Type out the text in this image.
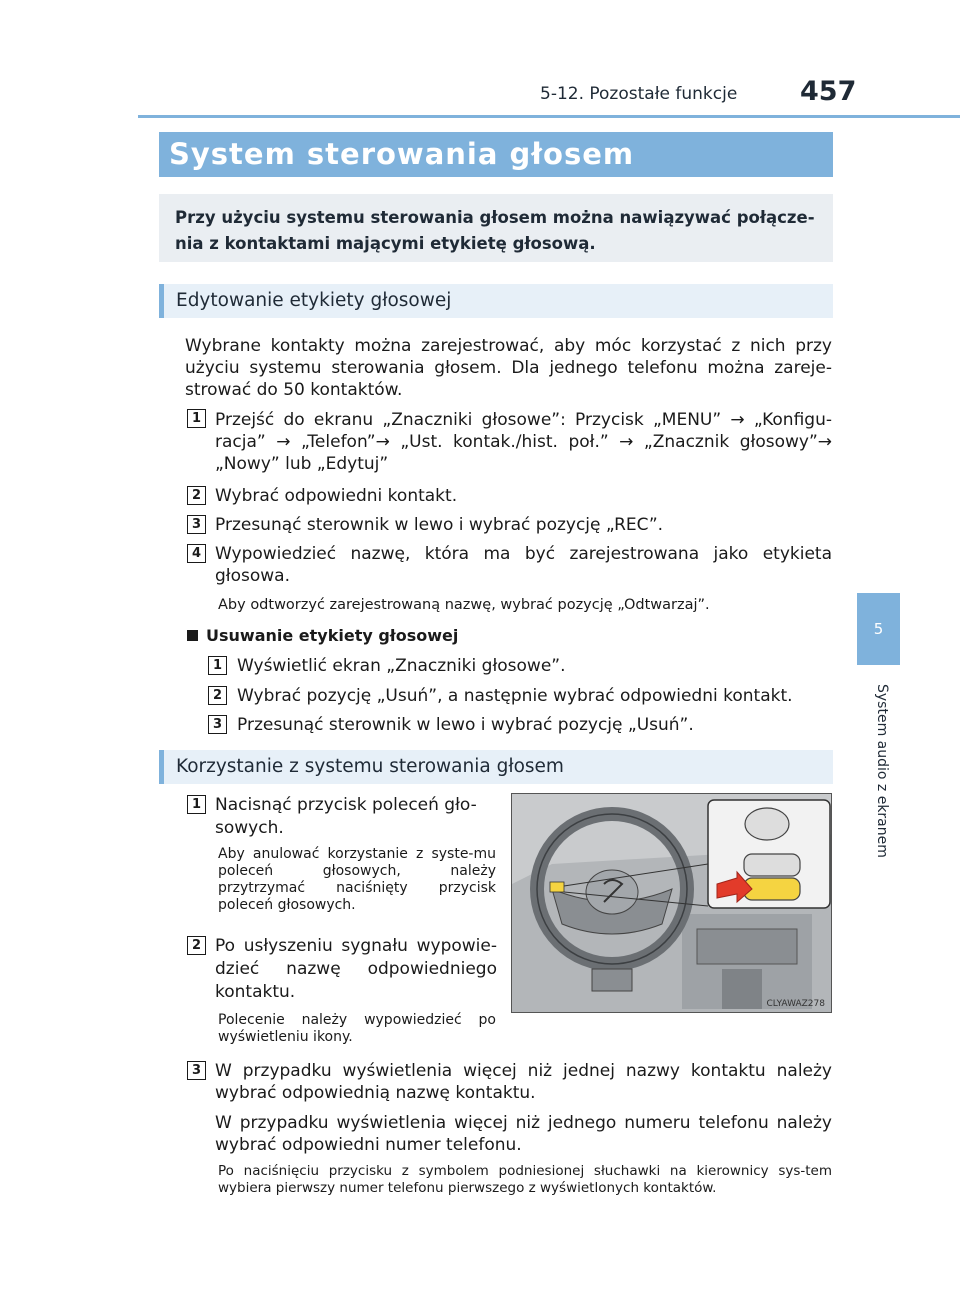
5-12. Pozostałe funkcje 457
5
System audio z ekranem
System sterowania głosem
Przy użyciu systemu sterowania głosem można nawiązywać połącze-nia z kontaktami mającymi etykietę głosową.
Edytowanie etykiety głosowej
Wybrane kontakty można zarejestrować, aby móc korzystać z nich przy użyciu systemu sterowania głosem. Dla jednego telefonu można zareje-strować do 50 kontaktów.
1 Przejść do ekranu „Znaczniki głosowe”: Przycisk „MENU” → „Konfigu-racja” → „Telefon”→ „Ust. kontak./hist. poł.” → „Znacznik głosowy”→ „Nowy” lub „Edytuj”
2 Wybrać odpowiedni kontakt.
3 Przesunąć sterownik w lewo i wybrać pozycję „REC”.
4 Wypowiedzieć nazwę, która ma być zarejestrowana jako etykieta głosowa.
Aby odtworzyć zarejestrowaną nazwę, wybrać pozycję „Odtwarzaj”.
Usuwanie etykiety głosowej
1 Wyświetlić ekran „Znaczniki głosowe”.
2 Wybrać pozycję „Usuń”, a następnie wybrać odpowiedni kontakt.
3 Przesunąć sterownik w lewo i wybrać pozycję „Usuń”.
Korzystanie z systemu sterowania głosem
1 Nacisnąć przycisk poleceń gło-sowych.
Aby anulować korzystanie z syste-mu poleceń głosowych, należy przytrzymać naciśnięty przycisk poleceń głosowych.
2 Po usłyszeniu sygnału wypowie-dzieć nazwę odpowiedniego kontaktu.
Polecenie należy wypowiedzieć po wyświetleniu ikony.
3 W przypadku wyświetlenia więcej niż jednej nazwy kontaktu należy wybrać odpowiednią nazwę kontaktu.
W przypadku wyświetlenia więcej niż jednego numeru telefonu należy wybrać odpowiedni numer telefonu.
Po naciśnięciu przycisku z symbolem podniesionej słuchawki na kierownicy sys-tem wybiera pierwszy numer telefonu pierwszego z wyświetlonych kontaktów.
CLYAWAZ278
